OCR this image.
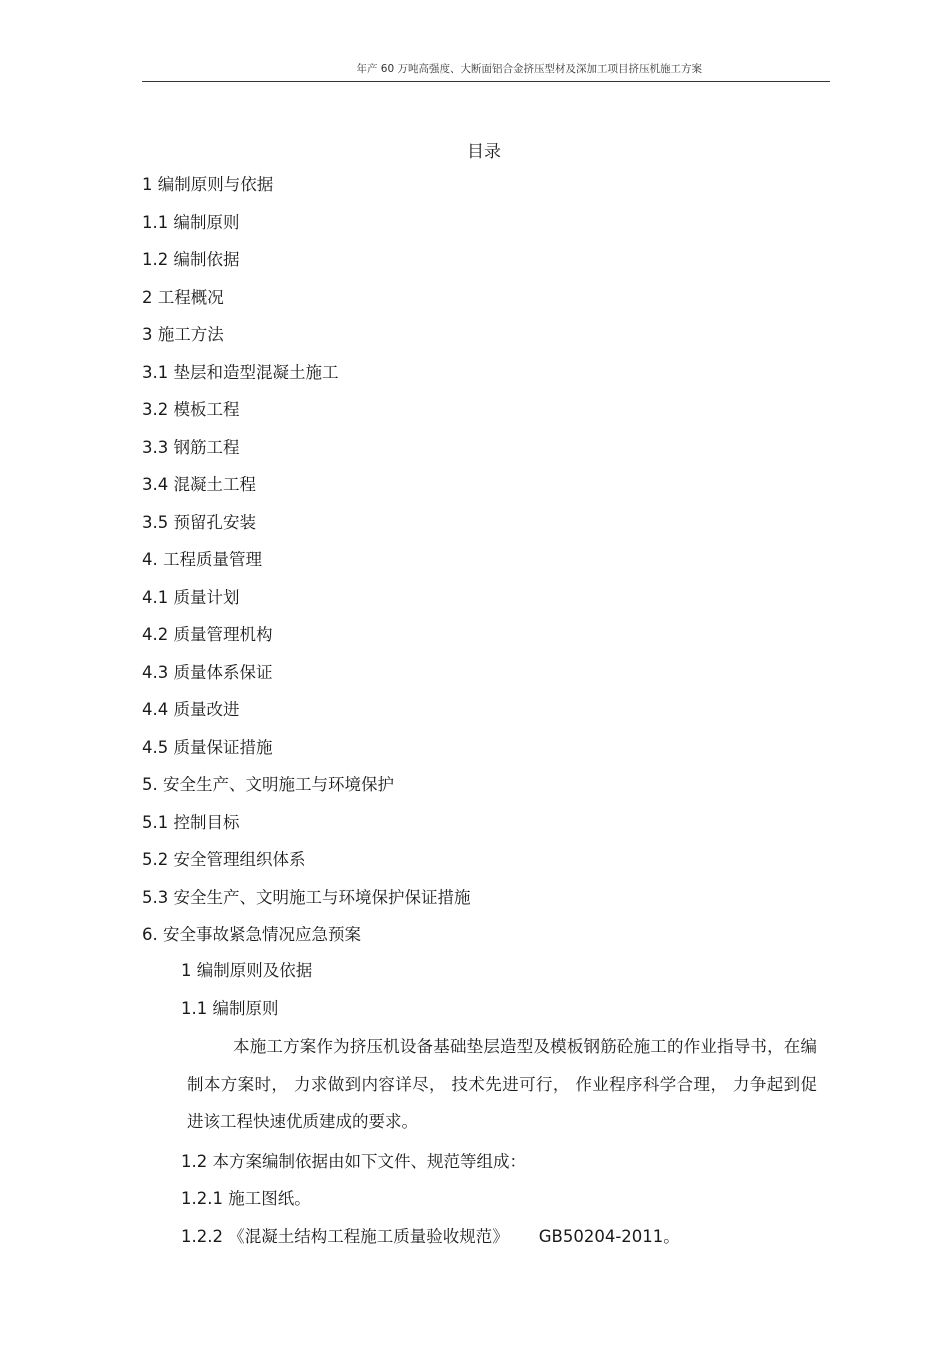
年产 60 万吨高强度、大断面铝合金挤压型材及深加工项目挤压机施工方案
目录
1 编制原则与依据
1.1 编制原则
1.2 编制依据
2 工程概况
3 施工方法
3.1 垫层和造型混凝土施工
3.2 模板工程
3.3 钢筋工程
3.4 混凝土工程
3.5 预留孔安装
4. 工程质量管理
4.1 质量计划
4.2 质量管理机构
4.3 质量体系保证
4.4 质量改进
4.5 质量保证措施
5. 安全生产、文明施工与环境保护
5.1 控制目标
5.2 安全管理组织体系
5.3 安全生产、文明施工与环境保护保证措施
6. 安全事故紧急情况应急预案
1 编制原则及依据
1.1 编制原则

本施工方案作为挤压机设备基础垫层造型及模板钢筋砼施工的作业指导书，在编制本方案时， 力求做到内容详尽， 技术先进可行， 作业程序科学合理， 力争起到促进该工程快速优质建成的要求。

1.2 本方案编制依据由如下文件、规范等组成：
1.2.1 施工图纸。
1.2.2 《混凝土结构工程施工质量验收规范》 GB50204-2011。
